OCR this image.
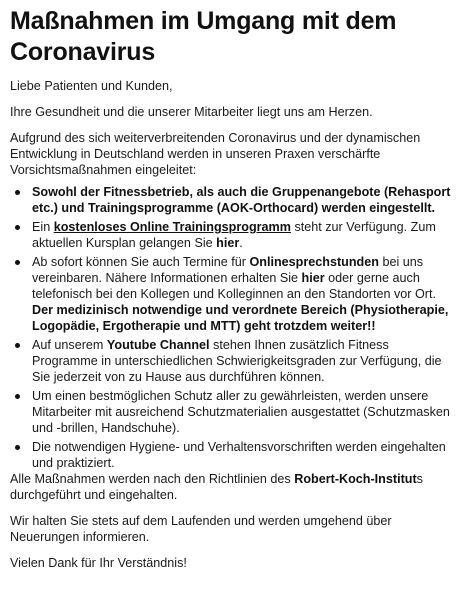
Maßnahmen im Umgang mit dem Coronavirus

Liebe Patienten und Kunden,

Ihre Gesundheit und die unserer Mitarbeiter liegt uns am Herzen.

Aufgrund des sich weiterverbreitenden Coronavirus und der dynamischen Entwicklung in Deutschland werden in unseren Praxen verschärfte Vorsichtsmaßnahmen eingeleitet:

Sowohl der Fitnessbetrieb, als auch die Gruppenangebote (Rehasport etc.) und Trainingsprogramme (AOK-Orthocard) werden eingestellt.
Ein kostenloses Online Trainingsprogramm steht zur Verfügung. Zum aktuellen Kursplan gelangen Sie hier.
Ab sofort können Sie auch Termine für Onlinesprechstunden bei uns vereinbaren. Nähere Informationen erhalten Sie hier oder gerne auch telefonisch bei den Kollegen und Kolleginnen an den Standorten vor Ort. Der medizinisch notwendige und verordnete Bereich (Physiotherapie, Logopädie, Ergotherapie und MTT) geht trotzdem weiter!!
Auf unserem Youtube Channel stehen Ihnen zusätzlich Fitness Programme in unterschiedlichen Schwierigkeitsgraden zur Verfügung, die Sie jederzeit von zu Hause aus durchführen können.
Um einen bestmöglichen Schutz aller zu gewährleisten, werden unsere Mitarbeiter mit ausreichend Schutzmaterialien ausgestattet (Schutzmasken und -brillen, Handschuhe).
Die notwendigen Hygiene- und Verhaltensvorschriften werden eingehalten und praktiziert.

Alle Maßnahmen werden nach den Richtlinien des Robert-Koch-Instituts durchgeführt und eingehalten.

Wir halten Sie stets auf dem Laufenden und werden umgehend über Neuerungen informieren.

Vielen Dank für Ihr Verständnis!
